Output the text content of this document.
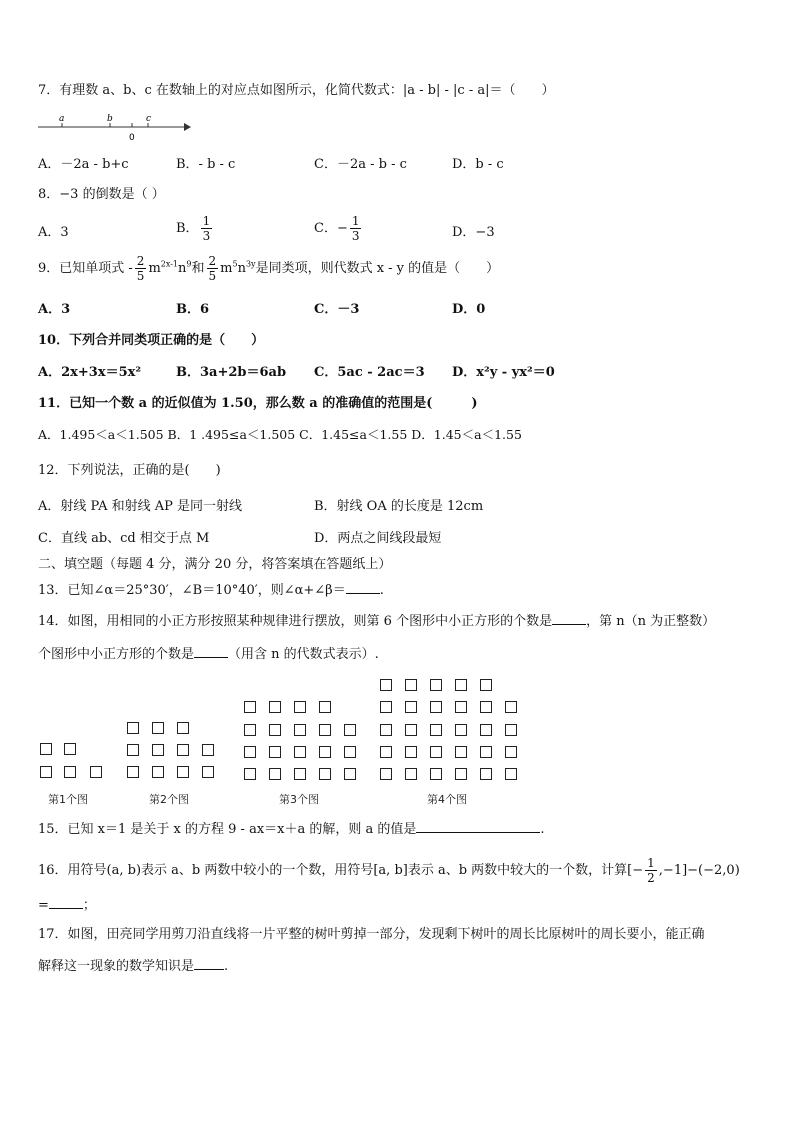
7．有理数 a、b、c 在数轴上的对应点如图所示，化简代数式：|a - b| - |c - a|＝（　　）
a	b	c
0
A．－2a - b+c	B．- b - c	C．－2a - b - c	D．b - c
8．−3 的倒数是（ ）
A．3	B． $\frac{1}{3}$	C．− $\frac{1}{3}$	D．−3
9．已知单项式 - $\frac{2}{5} m^{2x-1}n^9$和 $\frac{2}{5} m^5n^{3y}$是同类项，则代数式 x - y 的值是（　　）
A．3	B．6	C．－3	D．0
10．下列合并同类项正确的是（　　）
A．2x+3x＝5x²	B．3a+2b＝6ab C．5ac - 2ac＝3 D．x²y - yx²＝0
11．已知一个数 a 的近似值为 1.50，那么数 a 的准确值的范围是(　　　)
A．1.495＜a＜1.505 B．1 .495≤a＜1.505 C．1.45≤a＜1.55 D．1.45＜a＜1.55
12．下列说法，正确的是(　　)
A．射线 PA 和射线 AP 是同一射线	B．射线 OA 的长度是 12cm
C．直线 ab、cd 相交于点 M	D．两点之间线段最短
二、填空题（每题 4 分，满分 20 分，将答案填在答题纸上）
13．已知∠α＝25°30′，∠B＝10°40′，则∠α+∠β＝	.
14．如图，用相同的小正方形按照某种规律进行摆放，则第 6 个图形中小正方形的个数是	，第 n（n 为正整数）
个图形中小正方形的个数是	（用含 n 的代数式表示）.
第1个图	第2个图	第3个图	第4个图
15．已知 x＝1 是关于 x 的方程 9 - ax＝x＋a 的解，则 a 的值是	.
16．用符号(a, b)表示 a、b 两数中较小的一个数，用符号[a, b]表示 a、b 两数中较大的一个数，计算[− $\frac{1}{2} ,-1]-(-2,0)$
=	；
17．如图，田亮同学用剪刀沿直线将一片平整的树叶剪掉一部分，发现剩下树叶的周长比原树叶的周长要小，能正确
解释这一现象的数学知识是 .
